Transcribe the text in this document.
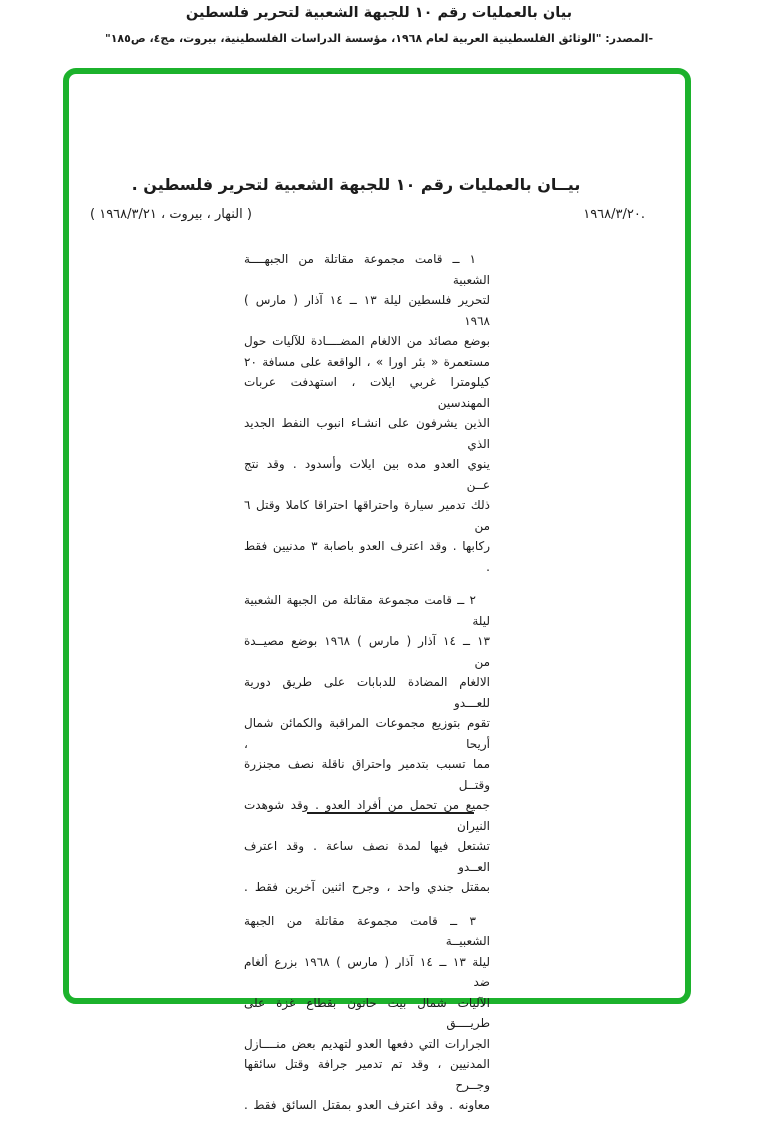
بيان بالعمليات رقم ١٠ للجبهة الشعبية لتحرير فلسطين
-المصدر: "الوثائق الفلسطينية العربية لعام ١٩٦٨، مؤسسة الدراسات الفلسطينية، بيروت، مج٤، ص١٨٥"
بيــان بالعمليات رقم ١٠ للجبهة الشعبية لتحرير فلسطين .
١٩٦٨/٣/٢٠.
( النهار ، بيروت ، ١٩٦٨/٣/٢١ )
١ ــ قامت مجموعة مقاتلة من الجبهــــة الشعبية
لتحرير فلسطين ليلة ١٣ ــ ١٤ آذار ( مارس ) ١٩٦٨
بوضع مصائد من الالغام المضــــادة للآليات حول
مستعمرة « بئر اورا » ، الواقعة على مسافة ٢٠
كيلومترا غربي ايلات ، استهدفت عربات المهندسين
الذين يشرفون على انشـاء انبوب النفط الجديد الذي
ينوي العدو مده بين ايلات وأسدود . وقد نتج عــن
ذلك تدمير سيارة واحتراقها احتراقا كاملا وقتل ٦ من
ركابها . وقد اعترف العدو باصابة ٣ مدنيين فقط .
٢ ــ قامت مجموعة مقاتلة من الجبهة الشعبية ليلة
١٣ ــ ١٤ آذار ( مارس ) ١٩٦٨ بوضع مصيــدة من
الالغام المضادة للدبابات على طريق دورية للعـــدو
تقوم بتوزيع مجموعات المراقبة والكمائن شمال أريحا ،
مما تسبب بتدمير واحتراق ناقلة نصف مجنزرة وقتــل
جميع من تحمل من أفراد العدو . وقد شوهدت النيران
تشتعل فيها لمدة نصف ساعة . وقد اعترف العــدو
بمقتل جندي واحد ، وجرح اثنين آخرين فقط .
٣ ــ قامت مجموعة مقاتلة من الجبهة الشعبيــة
ليلة ١٣ ــ ١٤ آذار ( مارس ) ١٩٦٨ بزرع ألغام ضد
الآليات شمال بيت حانون بقطاع غزة على طريــــق
الجرارات التي دفعها العدو لتهديم بعض منــــازل
المدنيين ، وقد تم تدمير جرافة وقتل سائقها وجــرح
معاونه . وقد اعترف العدو بمقتل السائق فقط .
